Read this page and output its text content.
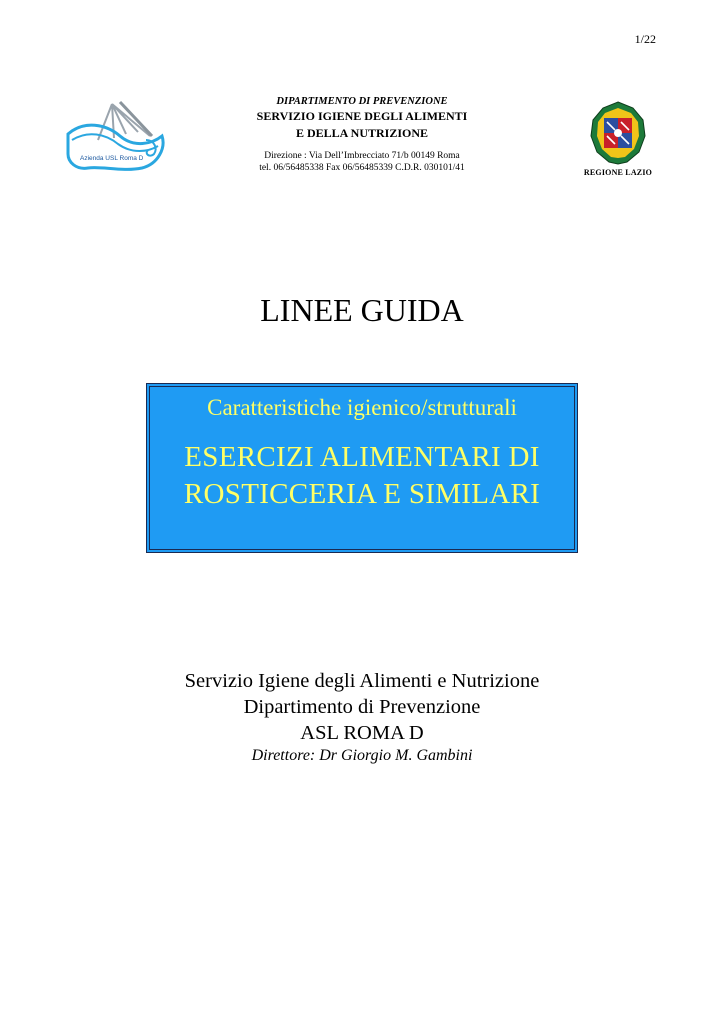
1/22
Azienda USL Roma D
DIPARTIMENTO DI PREVENZIONE
SERVIZIO IGIENE DEGLI ALIMENTI
E DELLA NUTRIZIONE
Direzione : Via Dell’Imbrecciato 71/b 00149 Roma
tel. 06/56485338 Fax 06/56485339 C.D.R. 030101/41	REGIONE LAZIO
LINEE GUIDA
Caratteristiche igienico/strutturali
ESERCIZI ALIMENTARI DI
ROSTICCERIA E SIMILARI
Servizio Igiene degli Alimenti e Nutrizione
Dipartimento di Prevenzione
ASL ROMA D
Direttore: Dr Giorgio M. Gambini
